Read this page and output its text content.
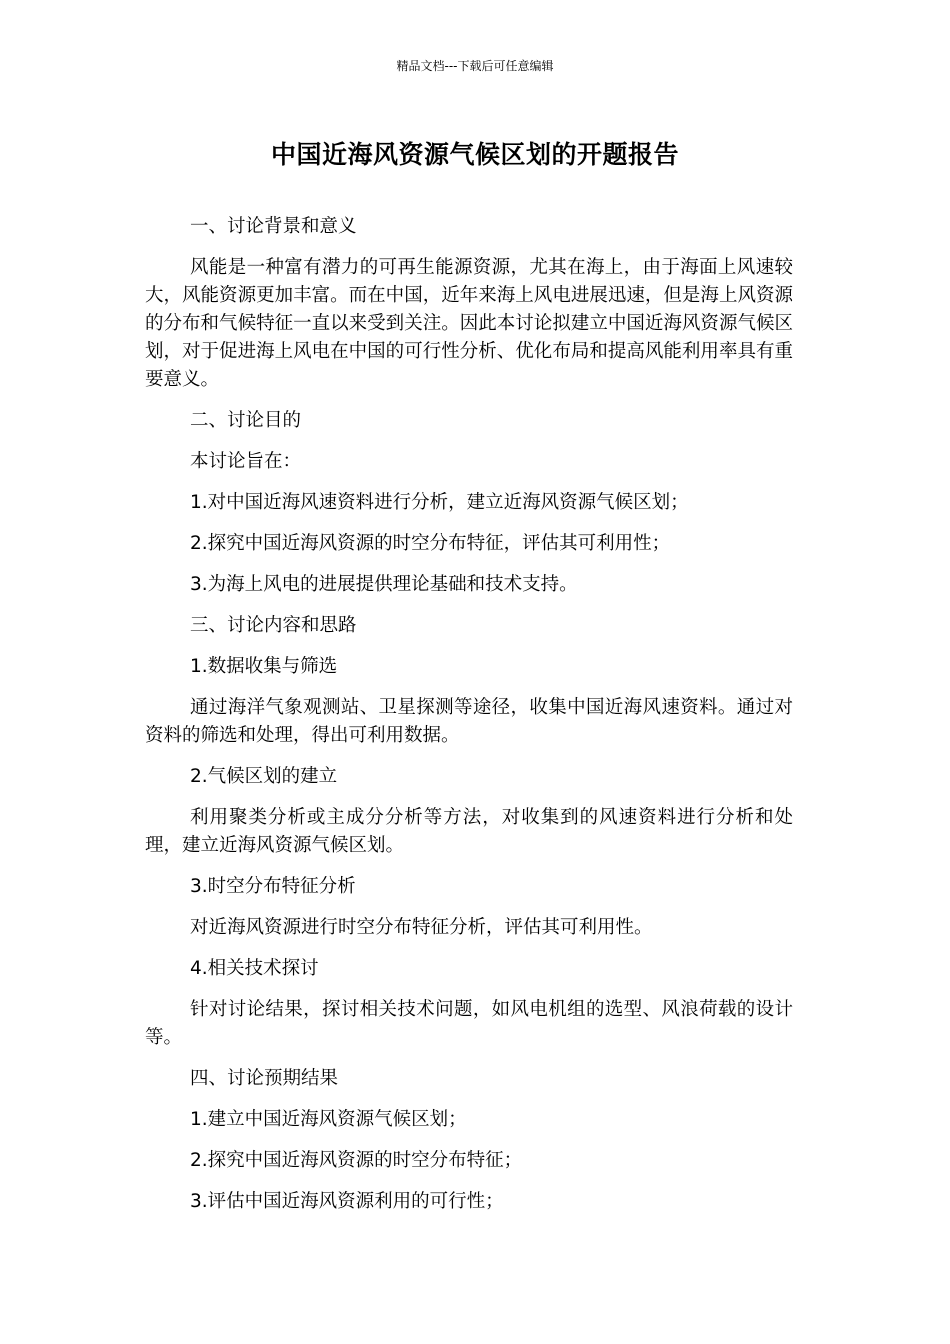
精品文档---下载后可任意编辑
中国近海风资源气候区划的开题报告

一、讨论背景和意义

风能是一种富有潜力的可再生能源资源，尤其在海上，由于海面上风速较大，风能资源更加丰富。而在中国，近年来海上风电进展迅速，但是海上风资源的分布和气候特征一直以来受到关注。因此本讨论拟建立中国近海风资源气候区划，对于促进海上风电在中国的可行性分析、优化布局和提高风能利用率具有重要意义。

二、讨论目的

本讨论旨在：

1.对中国近海风速资料进行分析，建立近海风资源气候区划；

2.探究中国近海风资源的时空分布特征，评估其可利用性；

3.为海上风电的进展提供理论基础和技术支持。

三、讨论内容和思路

1.数据收集与筛选

通过海洋气象观测站、卫星探测等途径，收集中国近海风速资料。通过对资料的筛选和处理，得出可利用数据。

2.气候区划的建立

利用聚类分析或主成分分析等方法，对收集到的风速资料进行分析和处理，建立近海风资源气候区划。

3.时空分布特征分析

对近海风资源进行时空分布特征分析，评估其可利用性。

4.相关技术探讨

针对讨论结果，探讨相关技术问题，如风电机组的选型、风浪荷载的设计等。

四、讨论预期结果

1.建立中国近海风资源气候区划；

2.探究中国近海风资源的时空分布特征；

3.评估中国近海风资源利用的可行性；
